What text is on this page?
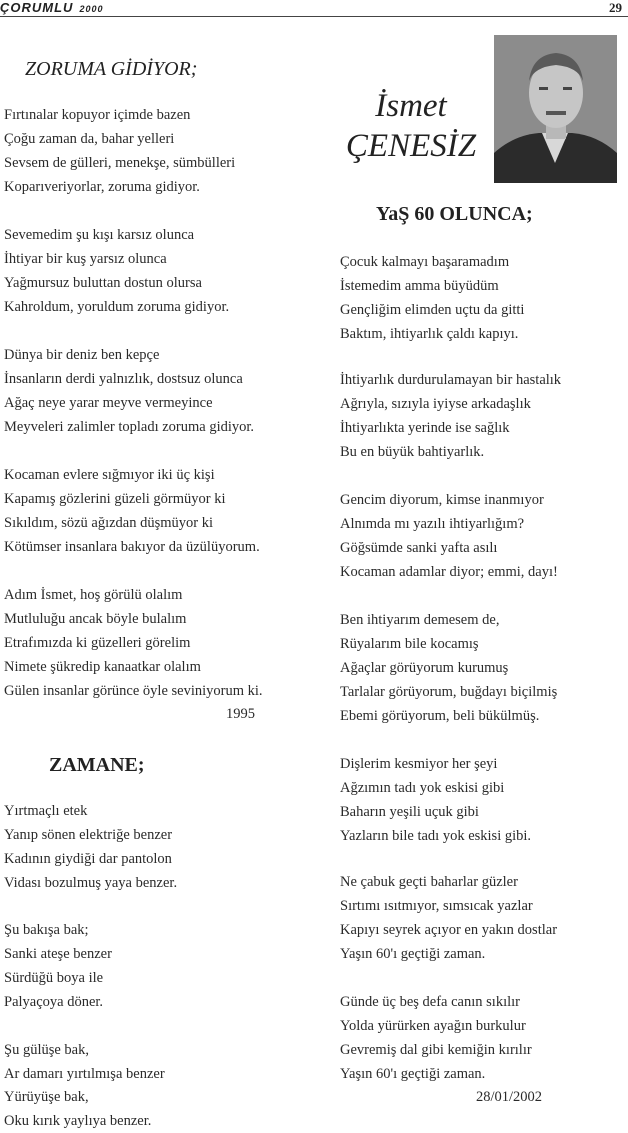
ÇORUMLU 2000	29
ZORUMA GİDİYOR;
Fırtınalar kopuyor içimde bazen
Çoğu zaman da, bahar yelleri
Sevsem de gülleri, menekşe, sümbülleri
Koparıveriyorlar, zoruma gidiyor.
Sevemedim şu kışı karsız olunca
İhtiyar bir kuş yarsız olunca
Yağmursuz buluttan dostun olursa
Kahroldum, yoruldum zoruma gidiyor.
Dünya bir deniz ben kepçe
İnsanların derdi yalnızlık, dostsuz olunca
Ağaç neye yarar meyve vermeyince
Meyveleri zalimler topladı zoruma gidiyor.
Kocaman evlere sığmıyor iki üç kişi
Kapamış gözlerini güzeli görmüyor ki
Sıkıldım, sözü ağızdan düşmüyor ki
Kötümser insanlara bakıyor da üzülüyorum.
Adım İsmet, hoş görülü olalım
Mutluluğu ancak böyle bulalım
Etrafımızda ki güzelleri görelim
Nimete şükredip kanaatkar olalım
Gülen insanlar görünce öyle seviniyorum ki.
1995
ZAMANE;
Yırtmaçlı etek
Yanıp sönen elektriğe benzer
Kadının giydiği dar pantolon
Vidası bozulmuş yaya benzer.
Şu bakışa bak;
Sanki ateşe benzer
Sürdüğü boya ile
Palyaçoya döner.
Şu gülüşe bak,
Ar damarı yırtılmışa benzer
Yürüyüşe bak,
Oku kırık yaylıya benzer.
İsmet
ÇENESİZ
YaŞ 60 OLUNCA;
Çocuk kalmayı başaramadım
İstemedim amma büyüdüm
Gençliğim elimden uçtu da gitti
Baktım, ihtiyarlık çaldı kapıyı.
İhtiyarlık durdurulamayan bir hastalık
Ağrıyla, sızıyla iyiyse arkadaşlık
İhtiyarlıkta yerinde ise sağlık
Bu en büyük bahtiyarlık.
Gencim diyorum, kimse inanmıyor
Alnımda mı yazılı ihtiyarlığım?
Göğsümde sanki yafta asılı
Kocaman adamlar diyor; emmi, dayı!
Ben ihtiyarım demesem de,
Rüyalarım bile kocamış
Ağaçlar görüyorum kurumuş
Tarlalar görüyorum, buğdayı biçilmiş
Ebemi görüyorum, beli bükülmüş.
Dişlerim kesmiyor her şeyi
Ağzımın tadı yok eskisi gibi
Baharın yeşili uçuk gibi
Yazların bile tadı yok eskisi gibi.
Ne çabuk geçti baharlar güzler
Sırtımı ısıtmıyor, sımsıcak yazlar
Kapıyı seyrek açıyor en yakın dostlar
Yaşın 60'ı geçtiği zaman.
Günde üç beş defa canın sıkılır
Yolda yürürken ayağın burkulur
Gevremiş dal gibi kemiğin kırılır
Yaşın 60'ı geçtiği zaman.
28/01/2002
